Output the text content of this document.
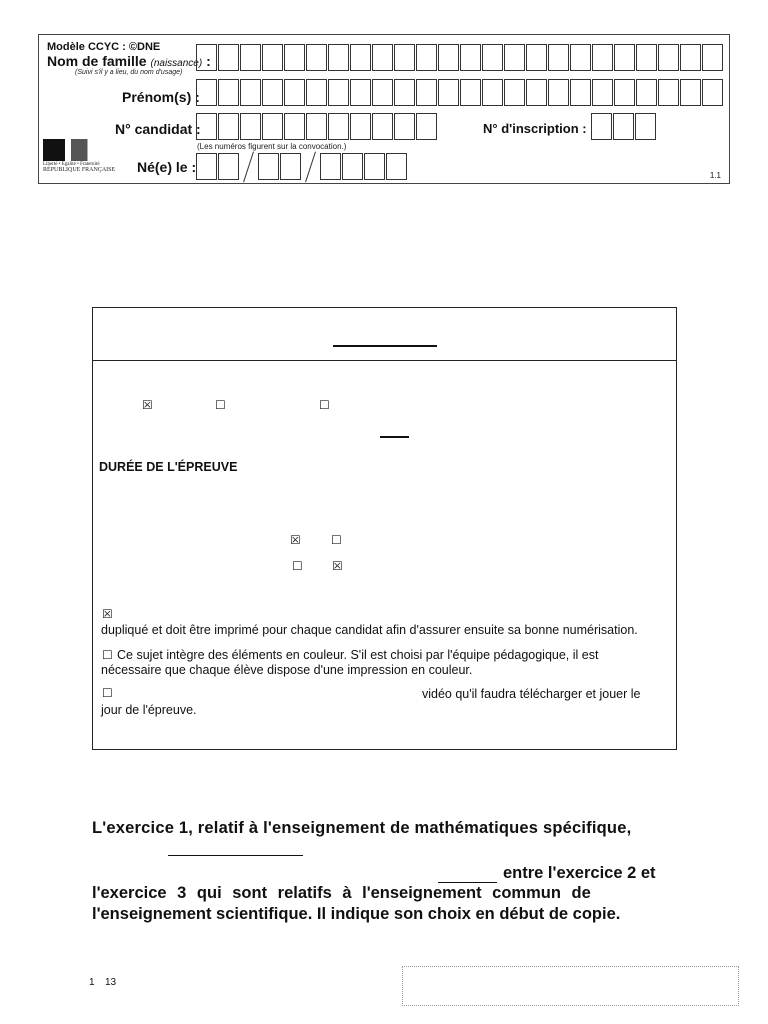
Modèle CCYC : ©DNE
Nom de famille (naissance) :
(Suivi s'il y a lieu, du nom d'usage)
Prénom(s) :
N° candidat :
(Les numéros figurent sur la convocation.)
N° d'inscription :
Liberté • Égalité • Fraternité
RÉPUBLIQUE FRANÇAISE Né(e) le :
1.1
☒	☐	☐
DURÉE DE L'ÉPREUVE
☒	☐
☐ ☒
☒
dupliqué et doit être imprimé pour chaque candidat afin d'assurer ensuite sa bonne numérisation.
☐ Ce sujet intègre des éléments en couleur. S'il est choisi par l'équipe pédagogique, il est
nécessaire que chaque élève dispose d'une impression en couleur.
☐	vidéo qu'il faudra télécharger et jouer le
jour de l'épreuve.
L'exercice 1, relatif à l'enseignement de mathématiques spécifique,
entre l'exercice 2 et
l'exercice 3 qui sont relatifs à l'enseignement commun de
l'enseignement scientifique. Il indique son choix en début de copie.
1 13
